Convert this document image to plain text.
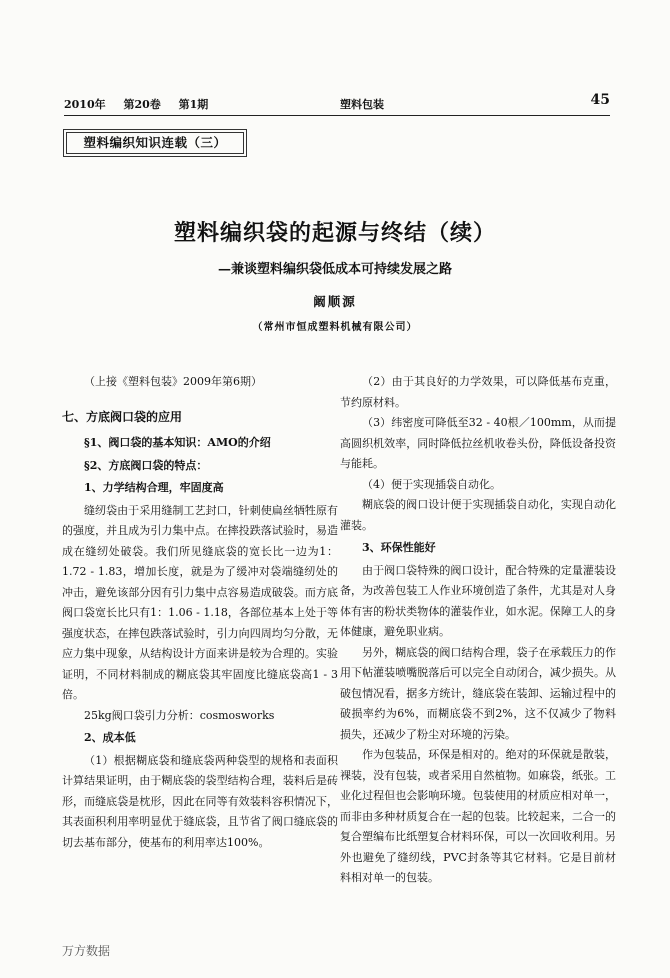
2010年 第20卷 第1期	塑料包装	45
塑料编织知识连载（三）
塑料编织袋的起源与终结（续）
—兼谈塑料编织袋低成本可持续发展之路
阚顺源
（常州市恒成塑料机械有限公司）

（上接《塑料包装》2009年第6期）

七、方底阀口袋的应用

§1、阀口袋的基本知识：AMO的介绍

§2、方底阀口袋的特点：

1、力学结构合理，牢固度高

缝纫袋由于采用缝制工艺封口，针刺使扁丝牺牲原有的强度，并且成为引力集中点。在摔投跌落试验时，易造成在缝纫处破袋。我们所见缝底袋的宽长比一边为1：1.72 - 1.83，增加长度，就是为了缓冲对袋端缝纫处的冲击，避免该部分因有引力集中点容易造成破袋。而方底阀口袋宽长比只有1：1.06 - 1.18，各部位基本上处于等强度状态，在摔包跌落试验时，引力向四周均匀分散，无应力集中现象，从结构设计方面来讲是较为合理的。实验证明，不同材料制成的糊底袋其牢固度比缝底袋高1 - 3倍。

25kg阀口袋引力分析：cosmosworks

2、成本低

（1）根据糊底袋和缝底袋两种袋型的规格和表面积计算结果证明，由于糊底袋的袋型结构合理，装料后是砖形，而缝底袋是枕形，因此在同等有效装料容积情况下，其表面积利用率明显优于缝底袋，且节省了阀口缝底袋的切去基布部分，使基布的利用率达100%。

（2）由于其良好的力学效果，可以降低基布克重，节约原材料。

（3）纬密度可降低至32 - 40根／100mm，从而提高圆织机效率，同时降低拉丝机收卷头份，降低设备投资与能耗。

（4）便于实现插袋自动化。

糊底袋的阀口设计便于实现插袋自动化，实现自动化灌装。

3、环保性能好

由于阀口袋特殊的阀口设计，配合特殊的定量灌装设备，为改善包装工人作业环境创造了条件，尤其是对人身体有害的粉状类物体的灌装作业，如水泥。保障工人的身体健康，避免职业病。

另外，糊底袋的阀口结构合理，袋子在承载压力的作用下帖灌装喷嘴脱落后可以完全自动闭合，减少损失。从破包情况看，据多方统计，缝底袋在装卸、运输过程中的破损率约为6%，而糊底袋不到2%，这不仅减少了物料损失，还减少了粉尘对环境的污染。

作为包装品，环保是相对的。绝对的环保就是散装，裸装，没有包装，或者采用自然植物。如麻袋，纸张。工业化过程但也会影响环境。包装使用的材质应相对单一，而非由多种材质复合在一起的包装。比较起来，二合一的复合塑编布比纸塑复合材料环保，可以一次回收利用。另外也避免了缝纫线，PVC封条等其它材料。它是目前材料相对单一的包装。

万方数据
